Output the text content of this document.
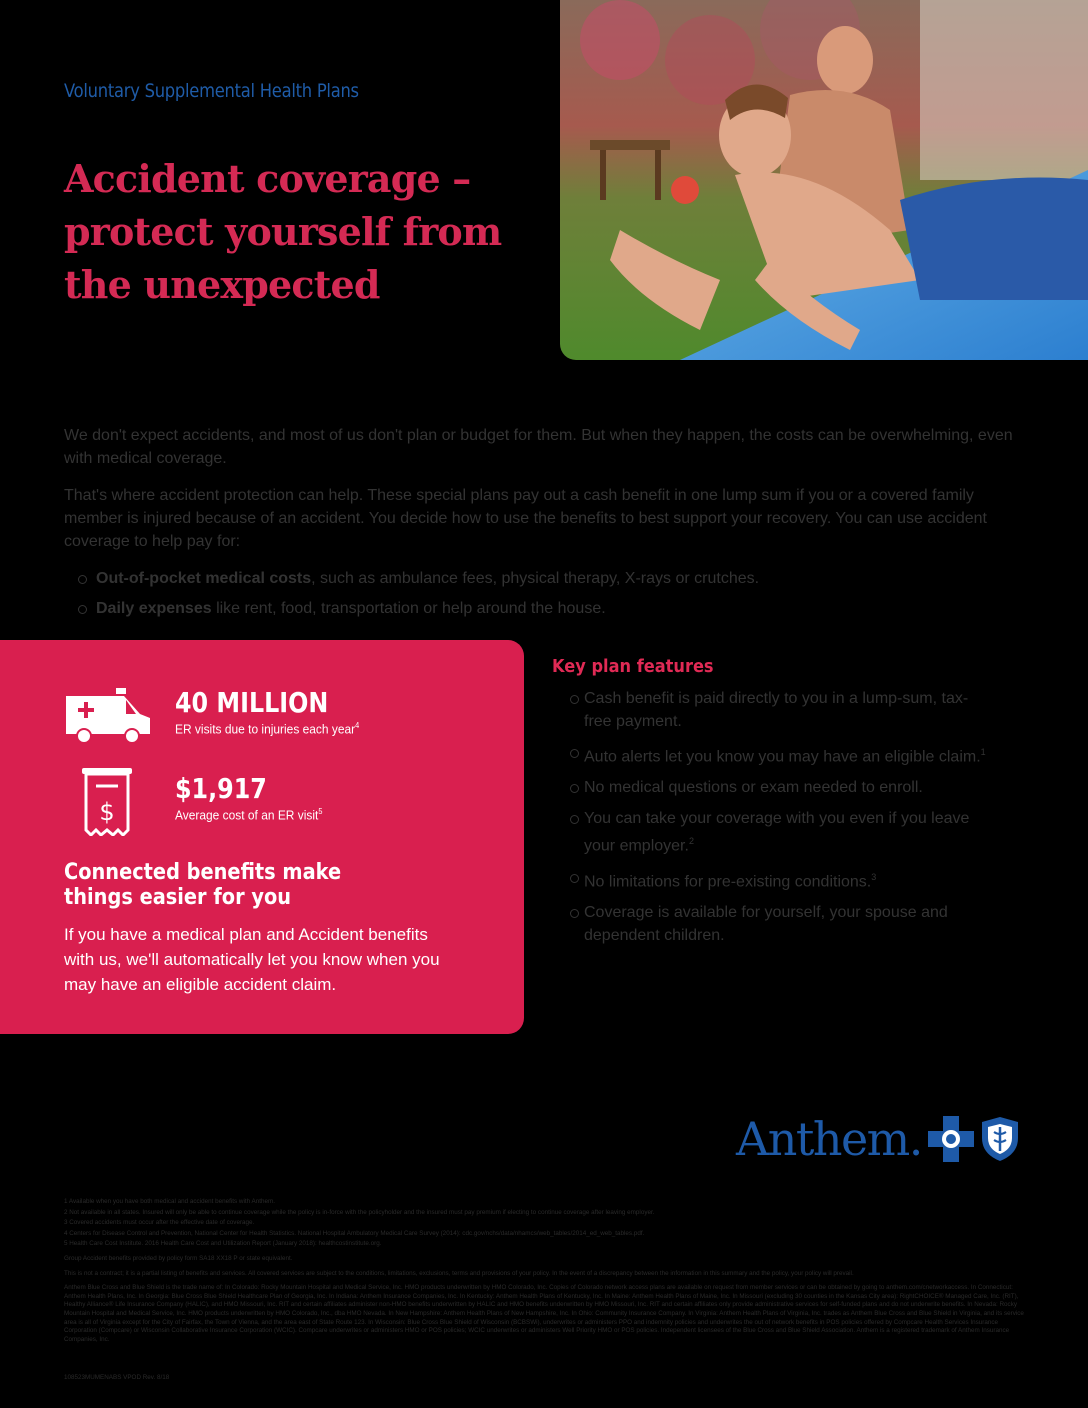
Voluntary Supplemental Health Plans
Accident coverage –
protect yourself from
the unexpected

We don't expect accidents, and most of us don't plan or budget for them. But when they happen, the costs can be overwhelming, even with medical coverage.

That's where accident protection can help. These special plans pay out a cash benefit in one lump sum if you or a covered family member is injured because of an accident. You decide how to use the benefits to best support your recovery. You can use accident coverage to help pay for:

Out-of-pocket medical costs, such as ambulance fees, physical therapy, X-rays or crutches.
Daily expenses like rent, food, transportation or help around the house.
40 MILLION
ER visits due to injuries each year$^4$
$
$1,917
Average cost of an ER visit$^5$
Connected benefits make things easier for you
If you have a medical plan and Accident benefits with us, we'll automatically let you know when you may have an eligible accident claim.
Key plan features
Cash benefit is paid directly to you in a lump-sum, tax-free payment.
Auto alerts let you know you may have an eligible claim.$^1$
No medical questions or exam needed to enroll.
You can take your coverage with you even if you leave your employer.$^2$
No limitations for pre-existing conditions.$^3$
Coverage is available for yourself, your spouse and dependent children.
Anthem.

1 Available when you have both medical and accident benefits with Anthem.

2 Not available in all states. Insured will only be able to continue coverage while the policy is in-force with the policyholder and the insured must pay premium if electing to continue coverage after leaving employer.

3 Covered accidents must occur after the effective date of coverage.

4 Centers for Disease Control and Prevention, National Center for Health Statistics. National Hospital Ambulatory Medical Care Survey (2014): cdc.gov/nchs/data/nhamcs/web_tables/2014_ed_web_tables.pdf.

5 Health Care Cost Institute. 2016 Health Care Cost and Utilization Report (January 2018): healthcostinstitute.org.

Group Accident benefits provided by policy form SA18 XX18 P or state equivalent.

This is not a contract; it is a partial listing of benefits and services. All covered services are subject to the conditions, limitations, exclusions, terms and provisions of your policy. In the event of a discrepancy between the information in this summary and the policy, your policy will prevail.

Anthem Blue Cross and Blue Shield is the trade name of: In Colorado: Rocky Mountain Hospital and Medical Service, Inc. HMO products underwritten by HMO Colorado, Inc. Copies of Colorado network access plans are available on request from member services or can be obtained by going to anthem.com/cnetworkaccess. In Connecticut: Anthem Health Plans, Inc. In Georgia: Blue Cross Blue Shield Healthcare Plan of Georgia, Inc. In Indiana: Anthem Insurance Companies, Inc. In Kentucky: Anthem Health Plans of Kentucky, Inc. In Maine: Anthem Health Plans of Maine, Inc. In Missouri (excluding 30 counties in the Kansas City area): RightCHOICE® Managed Care, Inc. (RIT), Healthy Alliance® Life Insurance Company (HALIC), and HMO Missouri, Inc. RIT and certain affiliates administer non-HMO benefits underwritten by HALIC and HMO benefits underwritten by HMO Missouri, Inc. RIT and certain affiliates only provide administrative services for self-funded plans and do not underwrite benefits. In Nevada: Rocky Mountain Hospital and Medical Service, Inc. HMO products underwritten by HMO Colorado, Inc., dba HMO Nevada. In New Hampshire: Anthem Health Plans of New Hampshire, Inc. In Ohio: Community Insurance Company. In Virginia: Anthem Health Plans of Virginia, Inc. trades as Anthem Blue Cross and Blue Shield in Virginia, and its service area is all of Virginia except for the City of Fairfax, the Town of Vienna, and the area east of State Route 123. In Wisconsin: Blue Cross Blue Shield of Wisconsin (BCBSWi), underwrites or administers PPO and indemnity policies and underwrites the out of network benefits in POS policies offered by Compcare Health Services Insurance Corporation (Compcare) or Wisconsin Collaborative Insurance Corporation (WCIC). Compcare underwrites or administers HMO or POS policies; WCIC underwrites or administers Well Priority HMO or POS policies. Independent licensees of the Blue Cross and Blue Shield Association. Anthem is a registered trademark of Anthem Insurance Companies, Inc.

108523MUMENABS VPOD Rev. 8/18
